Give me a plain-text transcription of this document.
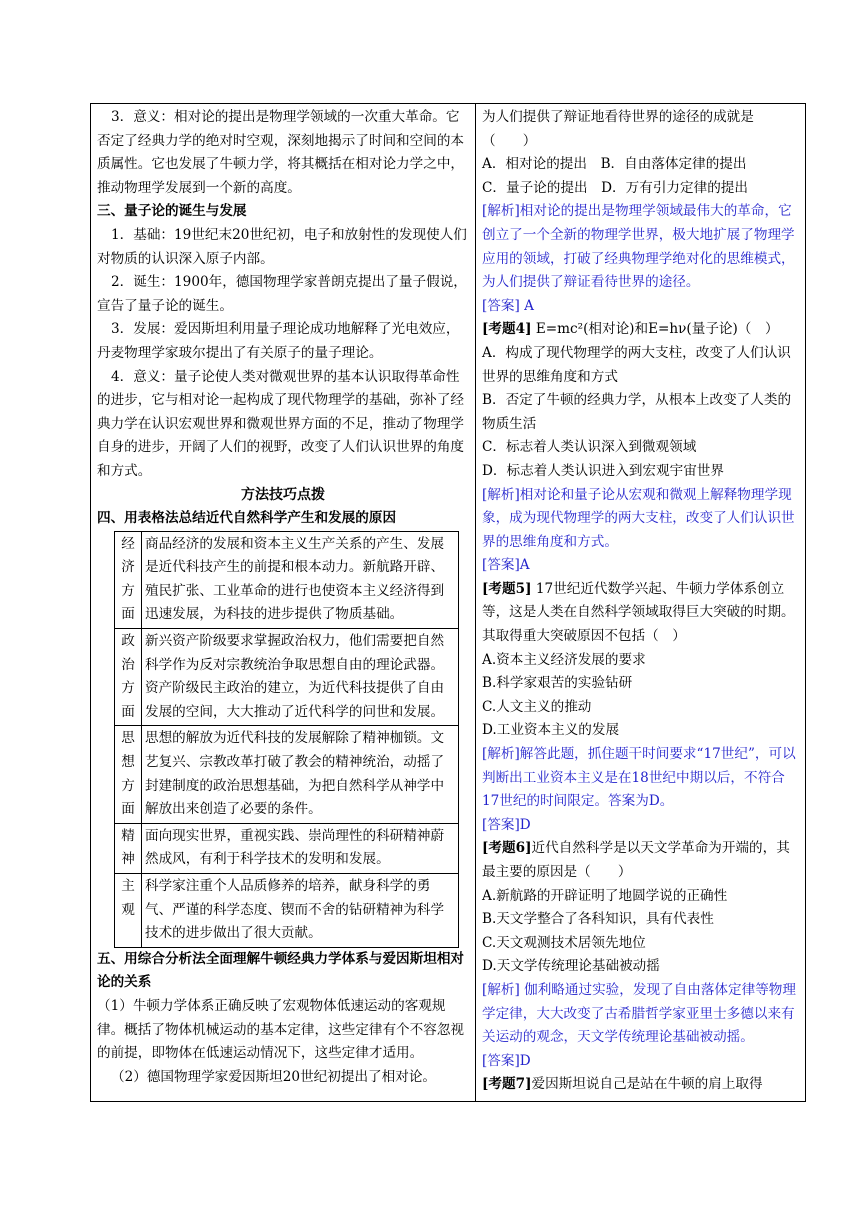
3．意义：相对论的提出是物理学领域的一次重大革命。它否定了经典力学的绝对时空观，深刻地揭示了时间和空间的本质属性。它也发展了牛顿力学，将其概括在相对论力学之中，推动物理学发展到一个新的高度。

三、量子论的诞生与发展

1．基础：19世纪末20世纪初，电子和放射性的发现使人们对物质的认识深入原子内部。

2．诞生：1900年，德国物理学家普朗克提出了量子假说，宣告了量子论的诞生。

3．发展：爱因斯坦利用量子理论成功地解释了光电效应，丹麦物理学家玻尔提出了有关原子的量子理论。

4．意义：量子论使人类对微观世界的基本认识取得革命性的进步，它与相对论一起构成了现代物理学的基础，弥补了经典力学在认识宏观世界和微观世界方面的不足，推动了物理学自身的进步，开阔了人们的视野，改变了人们认识世界的角度和方式。

方法技巧点拨

四、用表格法总结近代自然科学产生和发展的原因

经济方面	商品经济的发展和资本主义生产关系的产生、发展是近代科技产生的前提和根本动力。新航路开辟、殖民扩张、工业革命的进行也使资本主义经济得到迅速发展，为科技的进步提供了物质基础。
政治方面	新兴资产阶级要求掌握政治权力，他们需要把自然科学作为反对宗教统治争取思想自由的理论武器。资产阶级民主政治的建立，为近代科技提供了自由发展的空间，大大推动了近代科学的问世和发展。
思想方面	思想的解放为近代科技的发展解除了精神枷锁。文艺复兴、宗教改革打破了教会的精神统治，动摇了封建制度的政治思想基础，为把自然科学从神学中解放出来创造了必要的条件。
精神	面向现实世界，重视实践、崇尚理性的科研精神蔚然成风，有利于科学技术的发明和发展。
主观	科学家注重个人品质修养的培养，献身科学的勇气、严谨的科学态度、锲而不舍的钻研精神为科学技术的进步做出了很大贡献。

五、用综合分析法全面理解牛顿经典力学体系与爱因斯坦相对论的关系

（1）牛顿力学体系正确反映了宏观物体低速运动的客观规律。概括了物体机械运动的基本定律，这些定律有个不容忽视的前提，即物体在低速运动情况下，这些定律才适用。

（2）德国物理学家爱因斯坦20世纪初提出了相对论。

为人们提供了辩证地看待世界的途径的成就是（　　）

A．相对论的提出　B．自由落体定律的提出

C．量子论的提出　D．万有引力定律的提出

[解析]相对论的提出是物理学领域最伟大的革命，它创立了一个全新的物理学世界，极大地扩展了物理学应用的领域，打破了经典物理学绝对化的思维模式，为人们提供了辩证看待世界的途径。

[答案] A

[考题4] E=mc²(相对论)和E=hν(量子论)（　）

A．构成了现代物理学的两大支柱，改变了人们认识世界的思维角度和方式

B．否定了牛顿的经典力学，从根本上改变了人类的物质生活

C．标志着人类认识深入到微观领域

D．标志着人类认识进入到宏观宇宙世界

[解析]相对论和量子论从宏观和微观上解释物理学现象，成为现代物理学的两大支柱，改变了人们认识世界的思维角度和方式。

[答案]A

[考题5] 17世纪近代数学兴起、牛顿力学体系创立等，这是人类在自然科学领域取得巨大突破的时期。其取得重大突破原因不包括（　）

A.资本主义经济发展的要求

B.科学家艰苦的实验钻研

C.人文主义的推动

D.工业资本主义的发展

[解析]解答此题，抓住题干时间要求“17世纪”，可以判断出工业资本主义是在18世纪中期以后，不符合17世纪的时间限定。答案为D。

[答案]D

[考题6]近代自然科学是以天文学革命为开端的，其最主要的原因是（　　）

A.新航路的开辟证明了地圆学说的正确性

B.天文学整合了各科知识，具有代表性

C.天文观测技术居领先地位

D.天文学传统理论基础被动摇

[解析] 伽利略通过实验，发现了自由落体定律等物理学定律，大大改变了古希腊哲学家亚里士多德以来有关运动的观念，天文学传统理论基础被动摇。

[答案]D

[考题7]爱因斯坦说自己是站在牛顿的肩上取得
